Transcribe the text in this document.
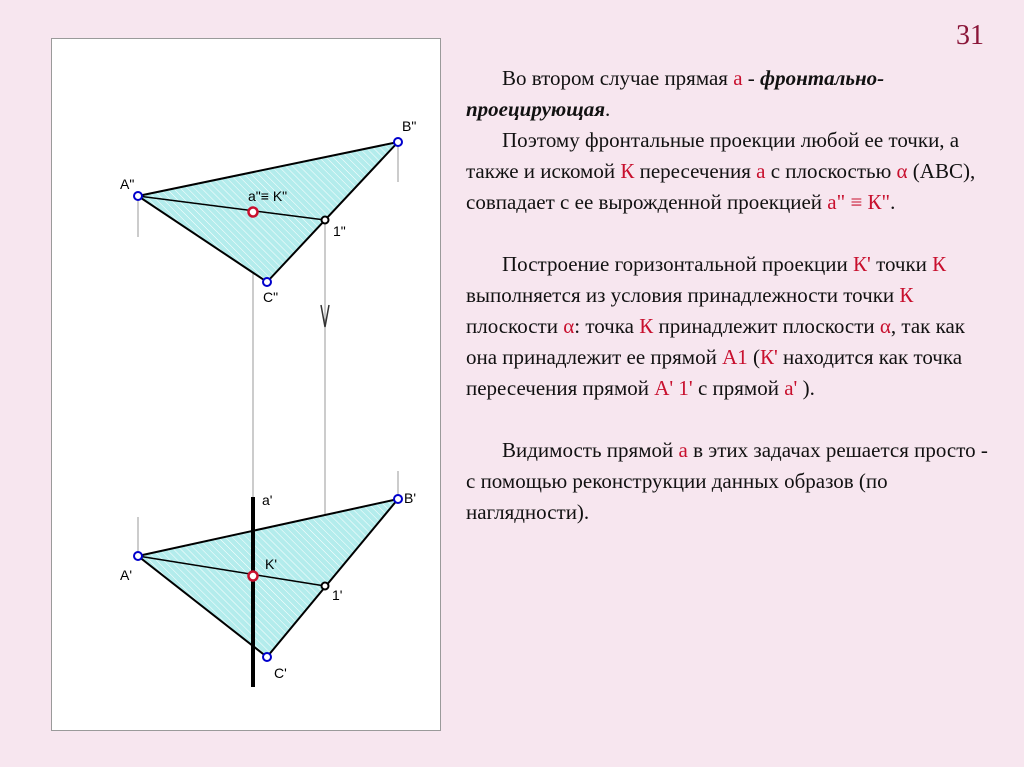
31
A"
B"
C"
1"
a"≡ K"
A'
B'
C'
1'
K'
a'

Во втором случае прямая а - фронтально-проецирующая.

Поэтому фронтальные проекции любой ее точки, а также и искомой К пересечения а с плоскостью α (АВС), совпадает с ее вырожденной проекцией а" ≡ К".

Построение горизонтальной проекции К' точки К выполняется из условия принадлежности точки К плоскости α: точка К принадлежит плоскости α, так как она принадлежит ее прямой А1 (К' находится как точка пересечения прямой А' 1' с прямой а' ).

Видимость прямой а в этих задачах решается просто - с помощью реконструкции данных образов (по наглядности).
